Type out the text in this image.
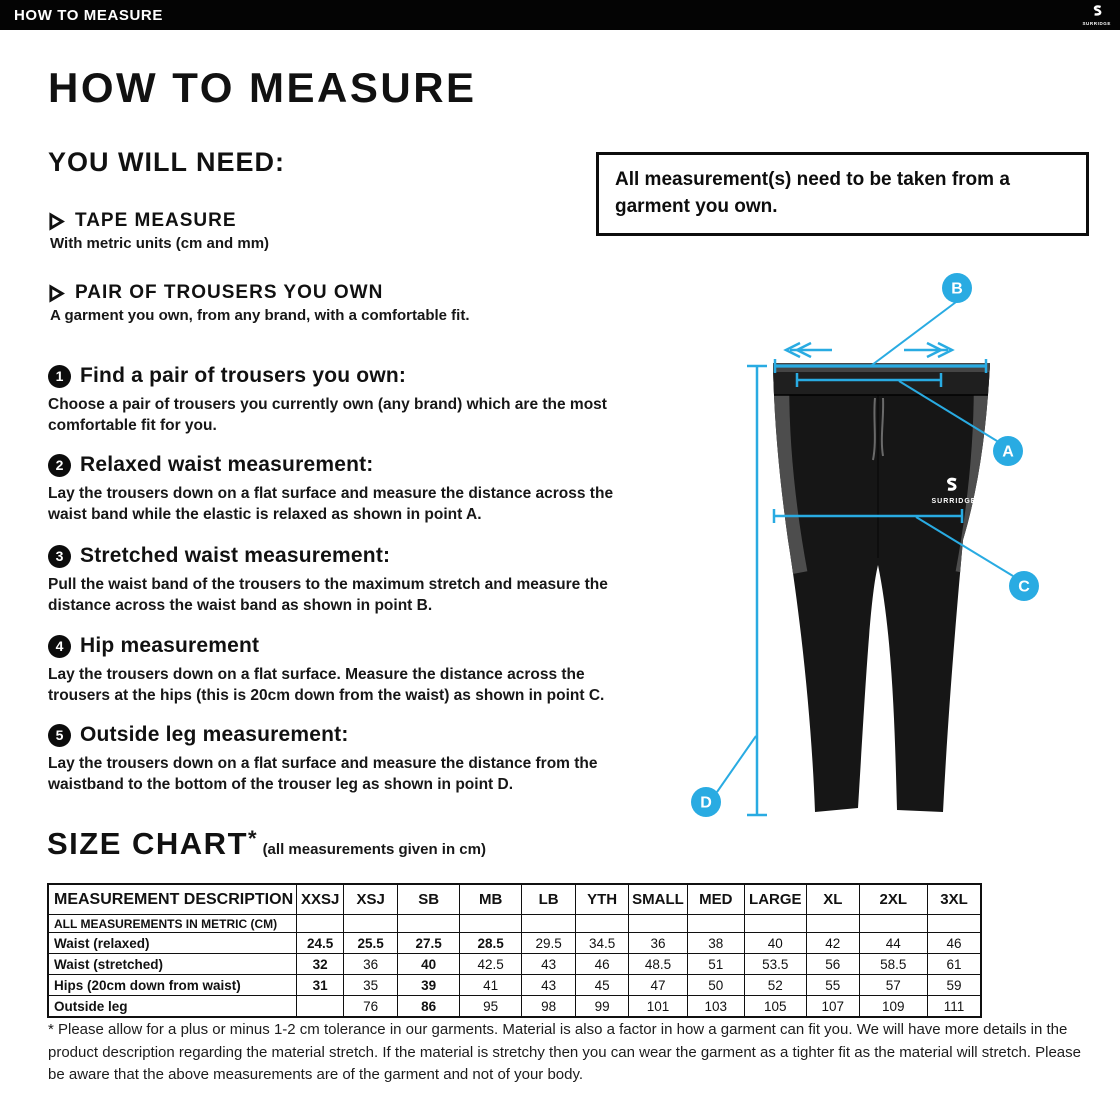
HOW TO MEASURE	SURRIDGE
HOW TO MEASURE
YOU WILL NEED:
All measurement(s) need to be taken from a garment you own.
TAPE MEASURE
With metric units (cm and mm)
PAIR OF TROUSERS YOU OWN
A garment you own, from any brand, with a comfortable fit.
1 Find a pair of trousers you own:
Choose a pair of trousers you currently own (any brand) which are the most comfortable fit for you.
2 Relaxed waist measurement:
Lay the trousers down on a flat surface and measure the distance across the waist band while the elastic is relaxed as shown in point A.
3 Stretched waist measurement:
Pull the waist band of the trousers to the maximum stretch and measure the distance across the waist band as shown in point B.
4 Hip measurement
Lay the trousers down on a flat surface. Measure the distance across the trousers at the hips (this is 20cm down from the waist) as shown in point C.
5 Outside leg measurement:
Lay the trousers down on a flat surface and measure the distance from the waistband to the bottom of the trouser leg as shown in point D.
SURRIDGE
B
A
C
D
SIZE CHART* (all measurements given in cm)
MEASUREMENT DESCRIPTION	XXSJ	XSJ	SB	MB	LB	YTH	SMALL	MED	LARGE	XL	2XL	3XL
ALL MEASUREMENTS IN METRIC (CM)												
Waist (relaxed)	24.5	25.5	27.5	28.5	29.5	34.5	36	38	40	42	44	46
Waist (stretched)	32	36	40	42.5	43	46	48.5	51	53.5	56	58.5	61
Hips (20cm down from waist)	31	35	39	41	43	45	47	50	52	55	57	59
Outside leg		76	86	95	98	99	101	103	105	107	109	111
* Please allow for a plus or minus 1-2 cm tolerance in our garments. Material is also a factor in how a garment can fit you. We will have more details in the product description regarding the material stretch. If the material is stretchy then you can wear the garment as a tighter fit as the material will stretch. Please be aware that the above measurements are of the garment and not of your body.
